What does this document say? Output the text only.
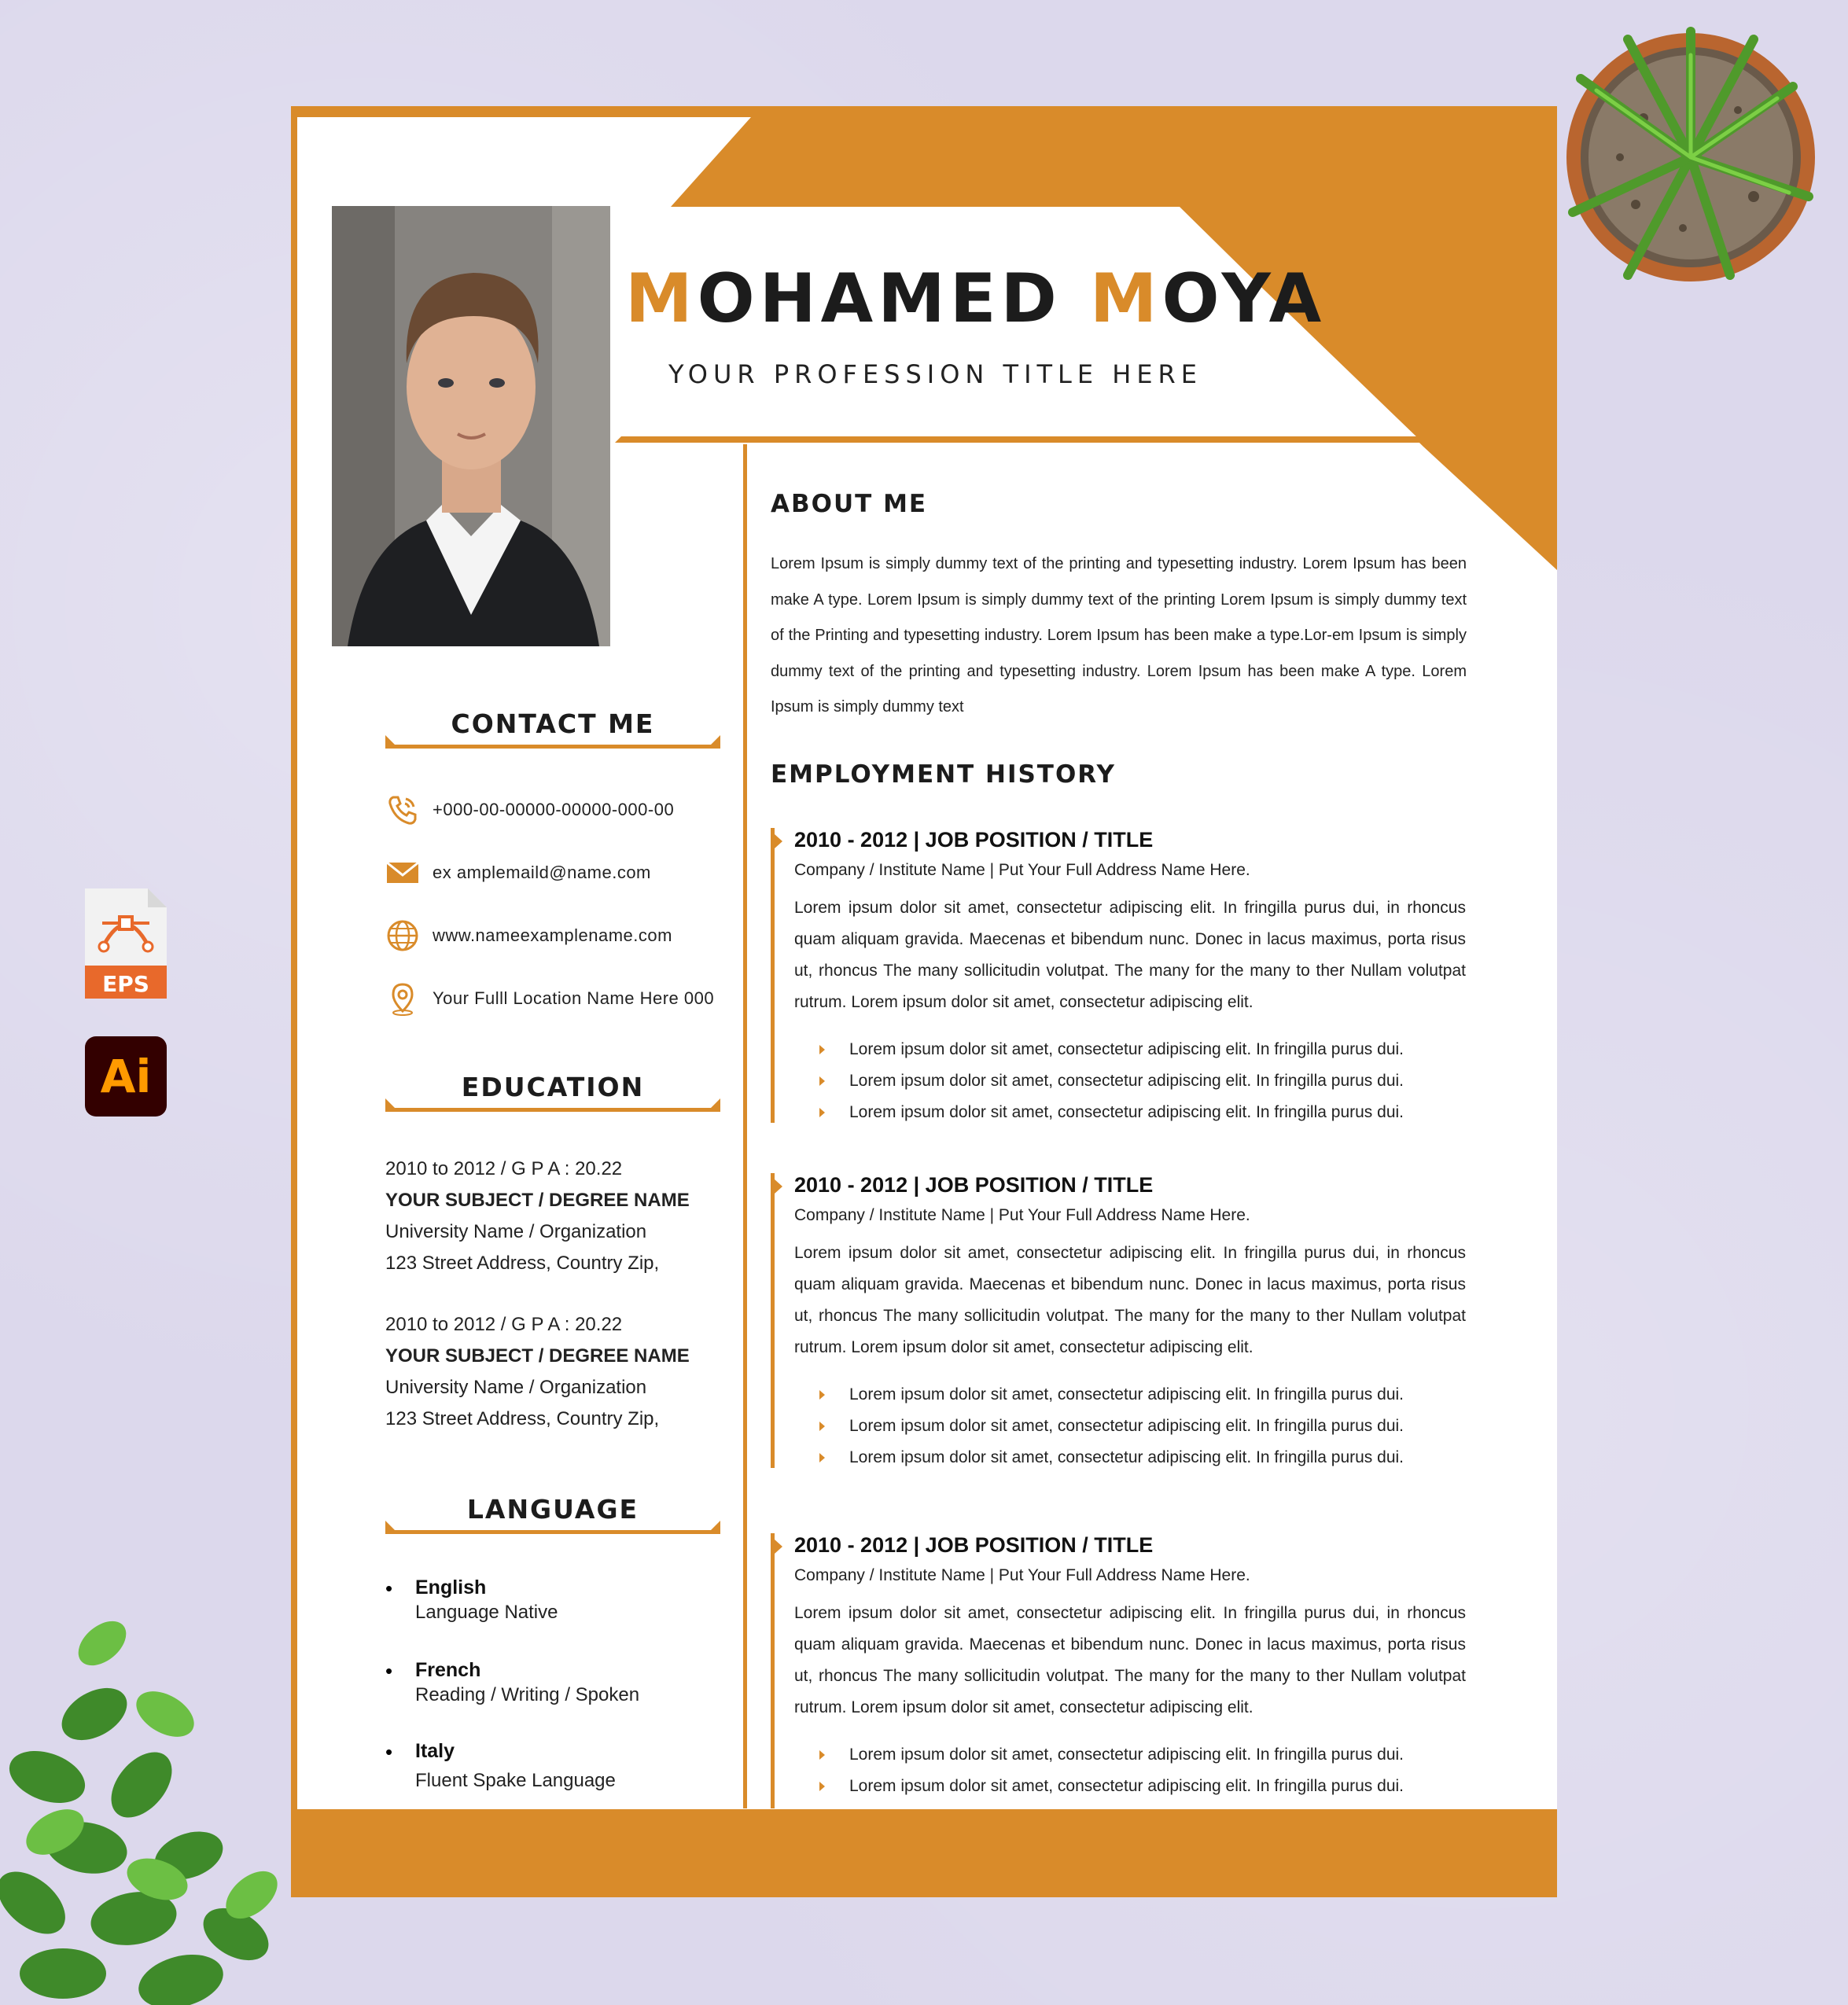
EPS
Ai
MOHAMED MOYA
YOUR PROFESSION TITLE HERE
CONTACT ME
+000-00-00000-00000-000-00
ex amplemaild@name.com
www.nameexamplename.com
Your Fulll Location Name Here 000
EDUCATION
2010 to 2012 / G P A : 20.22
YOUR SUBJECT / DEGREE NAME
University Name / Organization
123 Street Address, Country Zip,
2010 to 2012 / G P A : 20.22
YOUR SUBJECT / DEGREE NAME
University Name / Organization
123 Street Address, Country Zip,
LANGUAGE
• English
Language Native
• French
Reading / Writing / Spoken
• Italy
Fluent Spake Language
ABOUT ME
Lorem Ipsum is simply dummy text of the printing and typesetting industry. Lorem Ipsum has been make A type. Lorem Ipsum is simply dummy text of the printing Lorem Ipsum is simply dummy text of the Printing and typesetting industry. Lorem Ipsum has been make a type.Lor-em Ipsum is simply dummy text of the printing and typesetting industry. Lorem Ipsum has been make A type. Lorem Ipsum is simply dummy text
EMPLOYMENT HISTORY
2010 - 2012 | JOB POSITION / TITLE
Company / Institute Name | Put Your Full Address Name Here.
Lorem ipsum dolor sit amet, consectetur adipiscing elit. In fringilla purus dui, in rhoncus quam aliquam gravida. Maecenas et bibendum nunc. Donec in lacus maximus, porta risus ut, rhoncus The many sollicitudin volutpat. The many for the many to ther Nullam volutpat rutrum. Lorem ipsum dolor sit amet, consectetur adipiscing elit.
Lorem ipsum dolor sit amet, consectetur adipiscing elit. In fringilla purus dui.
Lorem ipsum dolor sit amet, consectetur adipiscing elit. In fringilla purus dui.
Lorem ipsum dolor sit amet, consectetur adipiscing elit. In fringilla purus dui.
2010 - 2012 | JOB POSITION / TITLE
Company / Institute Name | Put Your Full Address Name Here.
Lorem ipsum dolor sit amet, consectetur adipiscing elit. In fringilla purus dui, in rhoncus quam aliquam gravida. Maecenas et bibendum nunc. Donec in lacus maximus, porta risus ut, rhoncus The many sollicitudin volutpat. The many for the many to ther Nullam volutpat rutrum. Lorem ipsum dolor sit amet, consectetur adipiscing elit.
Lorem ipsum dolor sit amet, consectetur adipiscing elit. In fringilla purus dui.
Lorem ipsum dolor sit amet, consectetur adipiscing elit. In fringilla purus dui.
Lorem ipsum dolor sit amet, consectetur adipiscing elit. In fringilla purus dui.
2010 - 2012 | JOB POSITION / TITLE
Company / Institute Name | Put Your Full Address Name Here.
Lorem ipsum dolor sit amet, consectetur adipiscing elit. In fringilla purus dui, in rhoncus quam aliquam gravida. Maecenas et bibendum nunc. Donec in lacus maximus, porta risus ut, rhoncus The many sollicitudin volutpat. The many for the many to ther Nullam volutpat rutrum. Lorem ipsum dolor sit amet, consectetur adipiscing elit.
Lorem ipsum dolor sit amet, consectetur adipiscing elit. In fringilla purus dui.
Lorem ipsum dolor sit amet, consectetur adipiscing elit. In fringilla purus dui.
